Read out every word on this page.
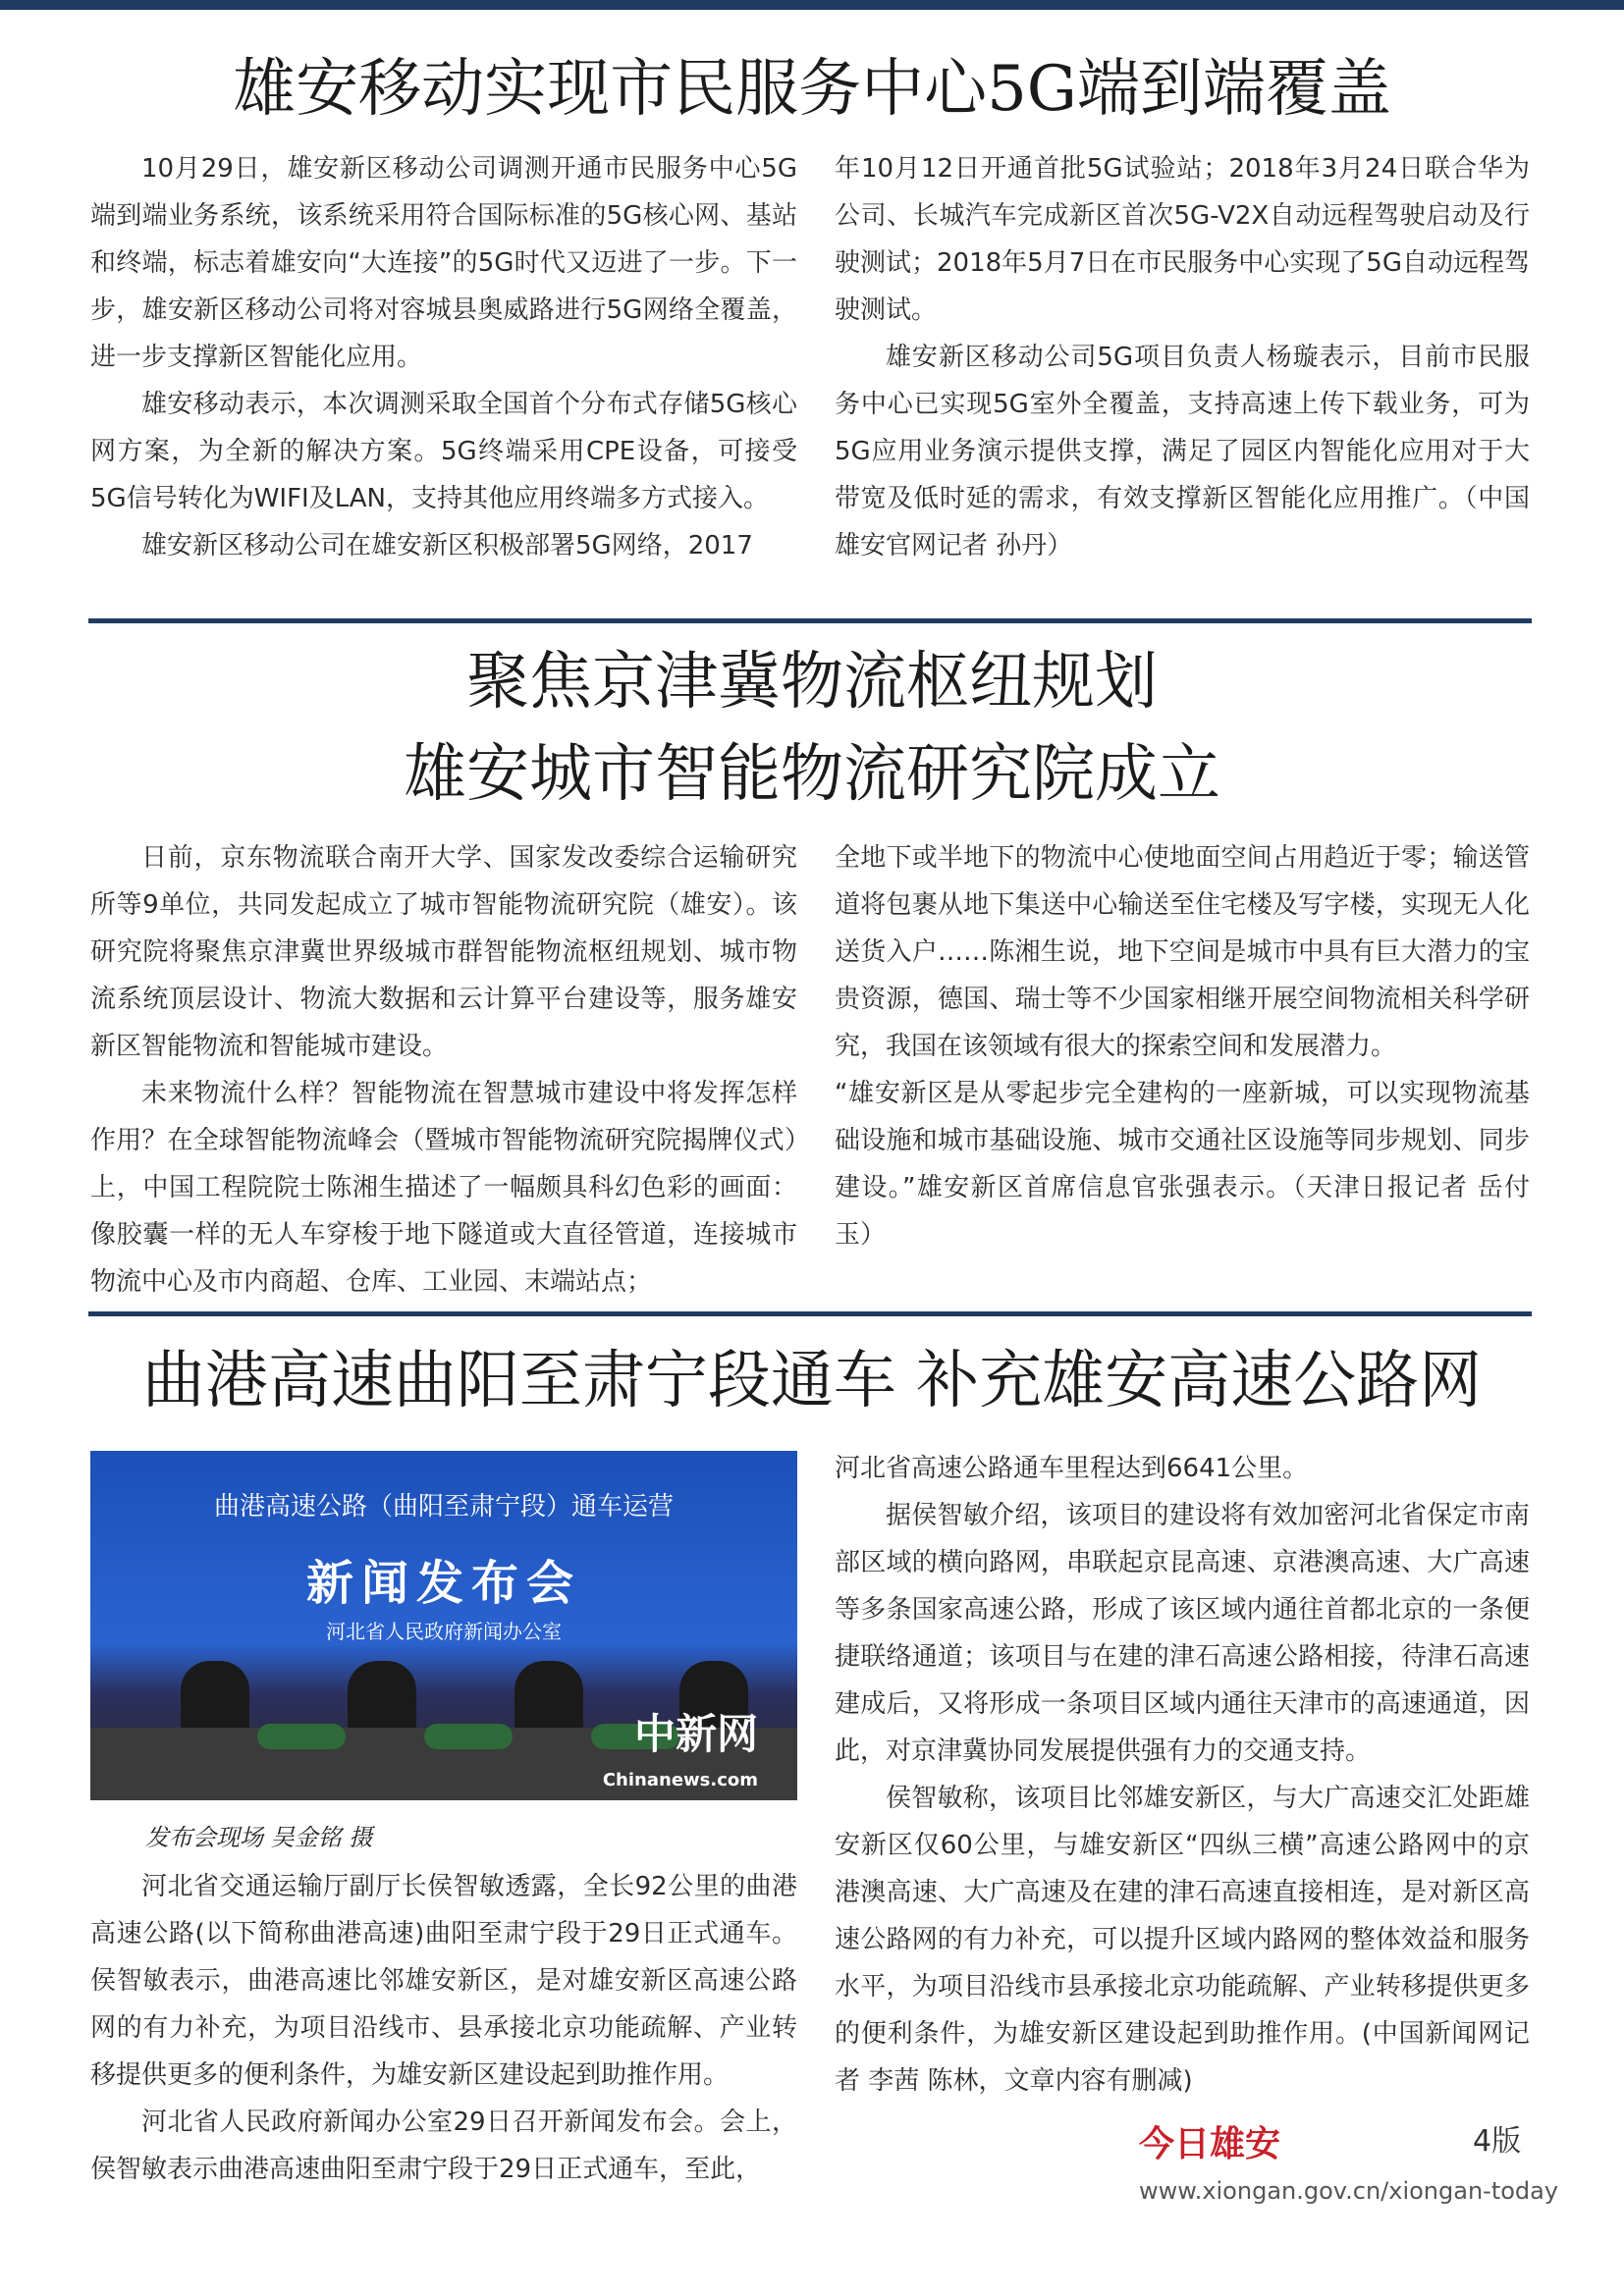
雄安移动实现市民服务中心5G端到端覆盖

10月29日，雄安新区移动公司调测开通市民服务中心5G端到端业务系统，该系统采用符合国际标准的5G核心网、基站和终端，标志着雄安向“大连接”的5G时代又迈进了一步。下一步，雄安新区移动公司将对容城县奥威路进行5G网络全覆盖，进一步支撑新区智能化应用。

雄安移动表示，本次调测采取全国首个分布式存储5G核心网方案，为全新的解决方案。5G终端采用CPE设备，可接受5G信号转化为WIFI及LAN，支持其他应用终端多方式接入。

雄安新区移动公司在雄安新区积极部署5G网络，2017

年10月12日开通首批5G试验站；2018年3月24日联合华为公司、长城汽车完成新区首次5G-V2X自动远程驾驶启动及行驶测试；2018年5月7日在市民服务中心实现了5G自动远程驾驶测试。

雄安新区移动公司5G项目负责人杨璇表示，目前市民服务中心已实现5G室外全覆盖，支持高速上传下载业务，可为5G应用业务演示提供支撑，满足了园区内智能化应用对于大带宽及低时延的需求，有效支撑新区智能化应用推广。（中国雄安官网记者 孙丹）

聚焦京津冀物流枢纽规划
雄安城市智能物流研究院成立

日前，京东物流联合南开大学、国家发改委综合运输研究所等9单位，共同发起成立了城市智能物流研究院（雄安）。该研究院将聚焦京津冀世界级城市群智能物流枢纽规划、城市物流系统顶层设计、物流大数据和云计算平台建设等，服务雄安新区智能物流和智能城市建设。

未来物流什么样？智能物流在智慧城市建设中将发挥怎样作用？在全球智能物流峰会（暨城市智能物流研究院揭牌仪式）上，中国工程院院士陈湘生描述了一幅颇具科幻色彩的画面：像胶囊一样的无人车穿梭于地下隧道或大直径管道，连接城市物流中心及市内商超、仓库、工业园、末端站点；

全地下或半地下的物流中心使地面空间占用趋近于零；输送管道将包裹从地下集送中心输送至住宅楼及写字楼，实现无人化送货入户……陈湘生说，地下空间是城市中具有巨大潜力的宝贵资源，德国、瑞士等不少国家相继开展空间物流相关科学研究，我国在该领域有很大的探索空间和发展潜力。

“雄安新区是从零起步完全建构的一座新城，可以实现物流基础设施和城市基础设施、城市交通社区设施等同步规划、同步建设。”雄安新区首席信息官张强表示。（天津日报记者 岳付玉）

曲港高速曲阳至肃宁段通车 补充雄安高速公路网
曲港高速公路（曲阳至肃宁段）通车运营
新闻发布会
河北省人民政府新闻办公室
中新网
Chinanews.com
发布会现场 吴金铭 摄

河北省交通运输厅副厅长侯智敏透露，全长92公里的曲港高速公路(以下简称曲港高速)曲阳至肃宁段于29日正式通车。侯智敏表示，曲港高速比邻雄安新区，是对雄安新区高速公路网的有力补充，为项目沿线市、县承接北京功能疏解、产业转移提供更多的便利条件，为雄安新区建设起到助推作用。

河北省人民政府新闻办公室29日召开新闻发布会。会上，侯智敏表示曲港高速曲阳至肃宁段于29日正式通车，至此，

河北省高速公路通车里程达到6641公里。

据侯智敏介绍，该项目的建设将有效加密河北省保定市南部区域的横向路网，串联起京昆高速、京港澳高速、大广高速等多条国家高速公路，形成了该区域内通往首都北京的一条便捷联络通道；该项目与在建的津石高速公路相接，待津石高速建成后，又将形成一条项目区域内通往天津市的高速通道，因此，对京津冀协同发展提供强有力的交通支持。

侯智敏称，该项目比邻雄安新区，与大广高速交汇处距雄安新区仅60公里，与雄安新区“四纵三横”高速公路网中的京港澳高速、大广高速及在建的津石高速直接相连，是对新区高速公路网的有力补充，可以提升区域内路网的整体效益和服务水平，为项目沿线市县承接北京功能疏解、产业转移提供更多的便利条件，为雄安新区建设起到助推作用。(中国新闻网记者 李茜 陈林，文章内容有删减)

今日雄安	4版
www.xiongan.gov.cn/xiongan-today
